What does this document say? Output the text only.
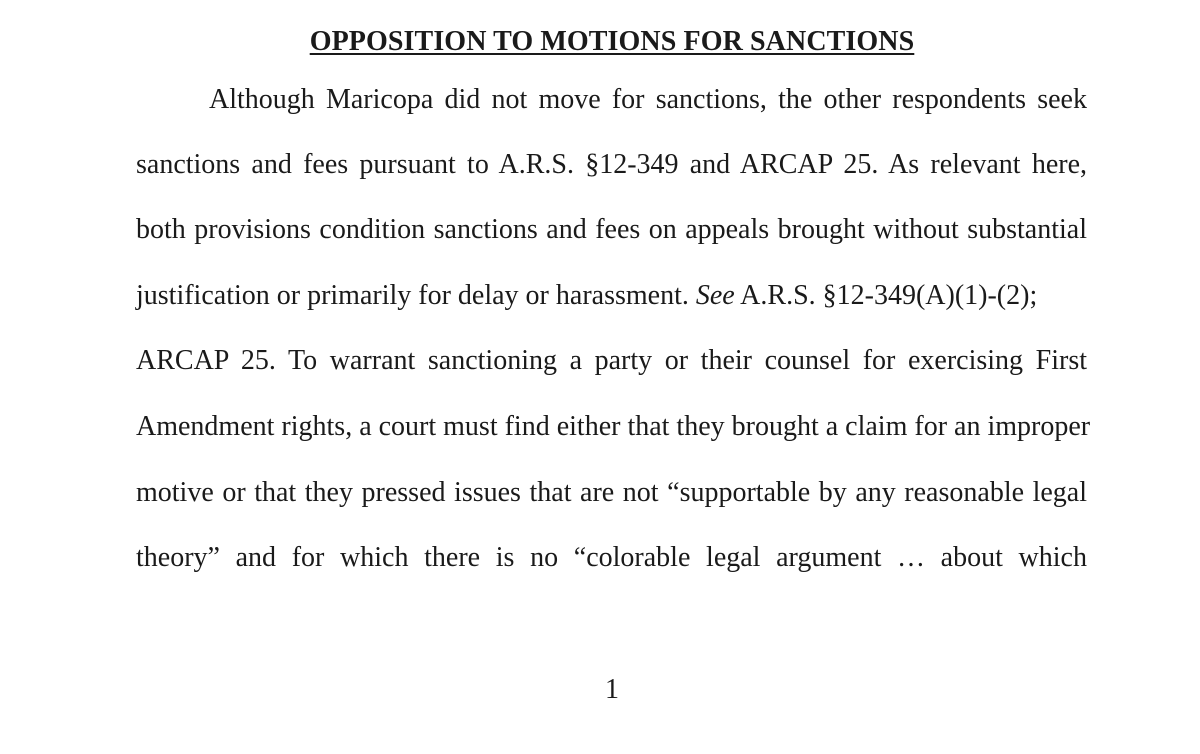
OPPOSITION TO MOTIONS FOR SANCTIONS
Although Maricopa did not move for sanctions, the other respondents seek
sanctions and fees pursuant to A.R.S. §12-349 and ARCAP 25. As relevant here,
both provisions condition sanctions and fees on appeals brought without substantial
justification or primarily for delay or harassment. See A.R.S. §12-349(A)(1)-(2);
ARCAP 25. To warrant sanctioning a party or their counsel for exercising First
Amendment rights, a court must find either that they brought a claim for an improper
motive or that they pressed issues that are not “supportable by any reasonable legal
theory” and for which there is no “colorable legal argument … about which
1
